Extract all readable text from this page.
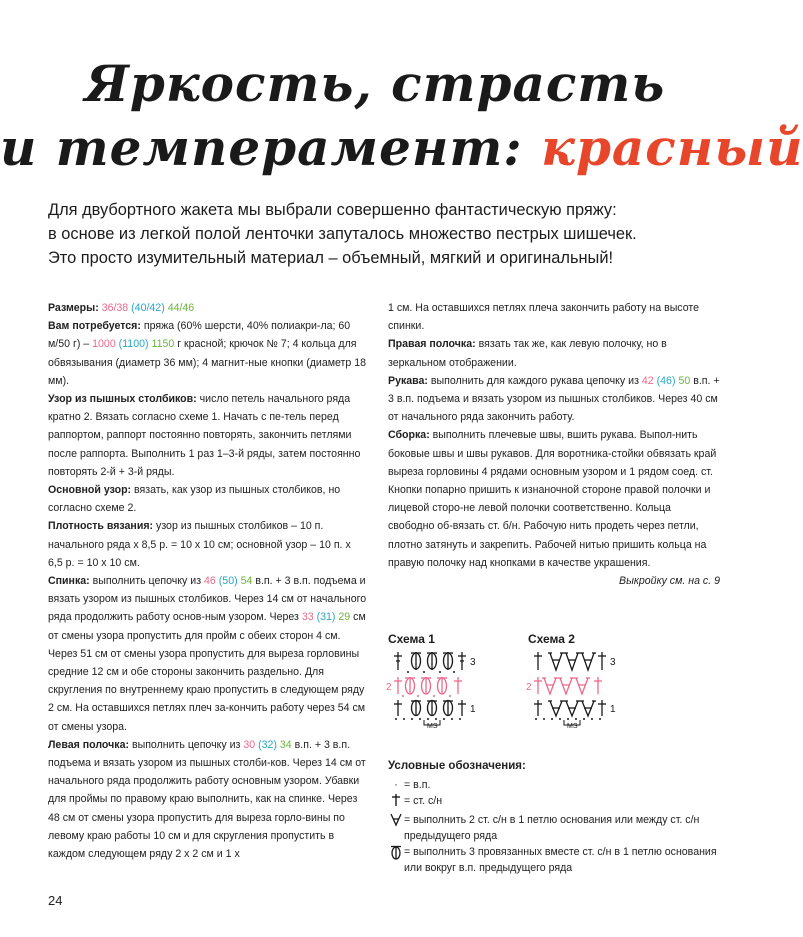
Яркость, страсть
и темперамент: красный

Для двубортного жакета мы выбрали совершенно фантастическую пряжу:

в основе из легкой полой ленточки запуталось множество пестрых шишечек.

Это просто изумительный материал – объемный, мягкий и оригинальный!

Размеры: 36/38 (40/42) 44/46

Вам потребуется: пряжа (60% шерсти, 40% полиакри-ла; 60 м/50 г) – 1000 (1100) 1150 г красной; крючок № 7; 4 кольца для обвязывания (диаметр 36 мм); 4 магнит-ные кнопки (диаметр 18 мм).

Узор из пышных столбиков: число петель начального ряда кратно 2. Вязать согласно схеме 1. Начать с пе-тель перед раппортом, раппорт постоянно повторять, закончить петлями после раппорта. Выполнить 1 раз 1–3-й ряды, затем постоянно повторять 2-й + 3-й ряды.

Основной узор: вязать, как узор из пышных столбиков, но согласно схеме 2.

Плотность вязания: узор из пышных столбиков – 10 п. начального ряда х 8,5 р. = 10 х 10 см; основной узор – 10 п. х 6,5 р. = 10 х 10 см.

Спинка: выполнить цепочку из 46 (50) 54 в.п. + 3 в.п. подъема и вязать узором из пышных столбиков. Через 14 см от начального ряда продолжить работу основ-ным узором. Через 33 (31) 29 см от смены узора пропустить для пройм с обеих сторон 4 см. Через 51 см от смены узора пропустить для выреза горловины средние 12 см и обе стороны закончить раздельно. Для скругления по внутреннему краю пропустить в следующем ряду 2 см. На оставшихся петлях плеч за-кончить работу через 54 см от смены узора.

Левая полочка: выполнить цепочку из 30 (32) 34 в.п. + 3 в.п. подъема и вязать узором из пышных столби-ков. Через 14 см от начального ряда продолжить работу основным узором. Убавки для проймы по правому краю выполнить, как на спинке. Через 48 см от смены узора пропустить для выреза горло-вины по левому краю работы 10 см и для скругления пропустить в каждом следующем ряду 2 х 2 см и 1 х

1 см. На оставшихся петлях плеча закончить работу на высоте спинки.

Правая полочка: вязать так же, как левую полочку, но в зеркальном отображении.

Рукава: выполнить для каждого рукава цепочку из 42 (46) 50 в.п. + 3 в.п. подъема и вязать узором из пышных столбиков. Через 40 см от начального ряда закончить работу.

Сборка: выполнить плечевые швы, вшить рукава. Выпол-нить боковые швы и швы рукавов. Для воротника-стойки обвязать край выреза горловины 4 рядами основным узором и 1 рядом соед. ст. Кнопки попарно пришить к изнаночной стороне правой полочки и лицевой сторо-не левой полочки соответственно. Кольца свободно об-вязать ст. б/н. Рабочую нить продеть через петли, плотно затянуть и закрепить. Рабочей нитью пришить кольца на правую полочку над кнопками в качестве украшения.

Выкройку см. на с. 9

Схема 1
3
2
1
MS
Схема 2
3
2
1
MS
Условные обозначения:
· = в.п.
= ст. с/н
= выполнить 2 ст. с/н в 1 петлю основания или между ст. с/н предыдущего ряда
= выполнить 3 провязанных вместе ст. с/н в 1 петлю основания или вокруг в.п. предыдущего ряда
24
